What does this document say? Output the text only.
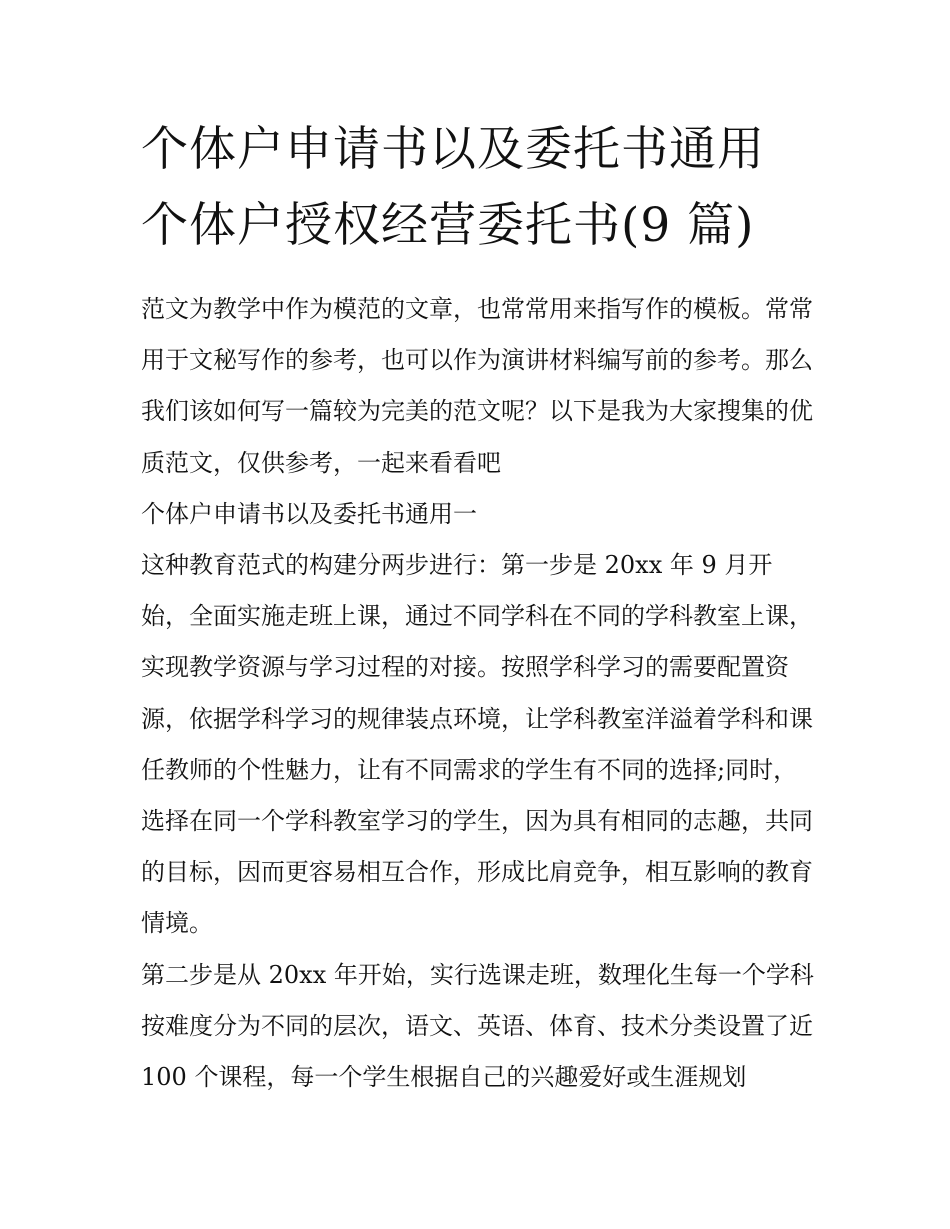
个体户申请书以及委托书通用
个体户授权经营委托书(9 篇)

范文为教学中作为模范的文章，也常常用来指写作的模板。常常用于文秘写作的参考，也可以作为演讲材料编写前的参考。那么我们该如何写一篇较为完美的范文呢？以下是我为大家搜集的优质范文，仅供参考，一起来看看吧

个体户申请书以及委托书通用一

这种教育范式的构建分两步进行：第一步是 20xx 年 9 月开始，全面实施走班上课，通过不同学科在不同的学科教室上课，实现教学资源与学习过程的对接。按照学科学习的需要配置资源，依据学科学习的规律装点环境，让学科教室洋溢着学科和课任教师的个性魅力，让有不同需求的学生有不同的选择;同时，选择在同一个学科教室学习的学生，因为具有相同的志趣，共同的目标，因而更容易相互合作，形成比肩竞争，相互影响的教育情境。

第二步是从 20xx 年开始，实行选课走班，数理化生每一个学科按难度分为不同的层次，语文、英语、体育、技术分类设置了近 100 个课程，每一个学生根据自己的兴趣爱好或生涯规划
